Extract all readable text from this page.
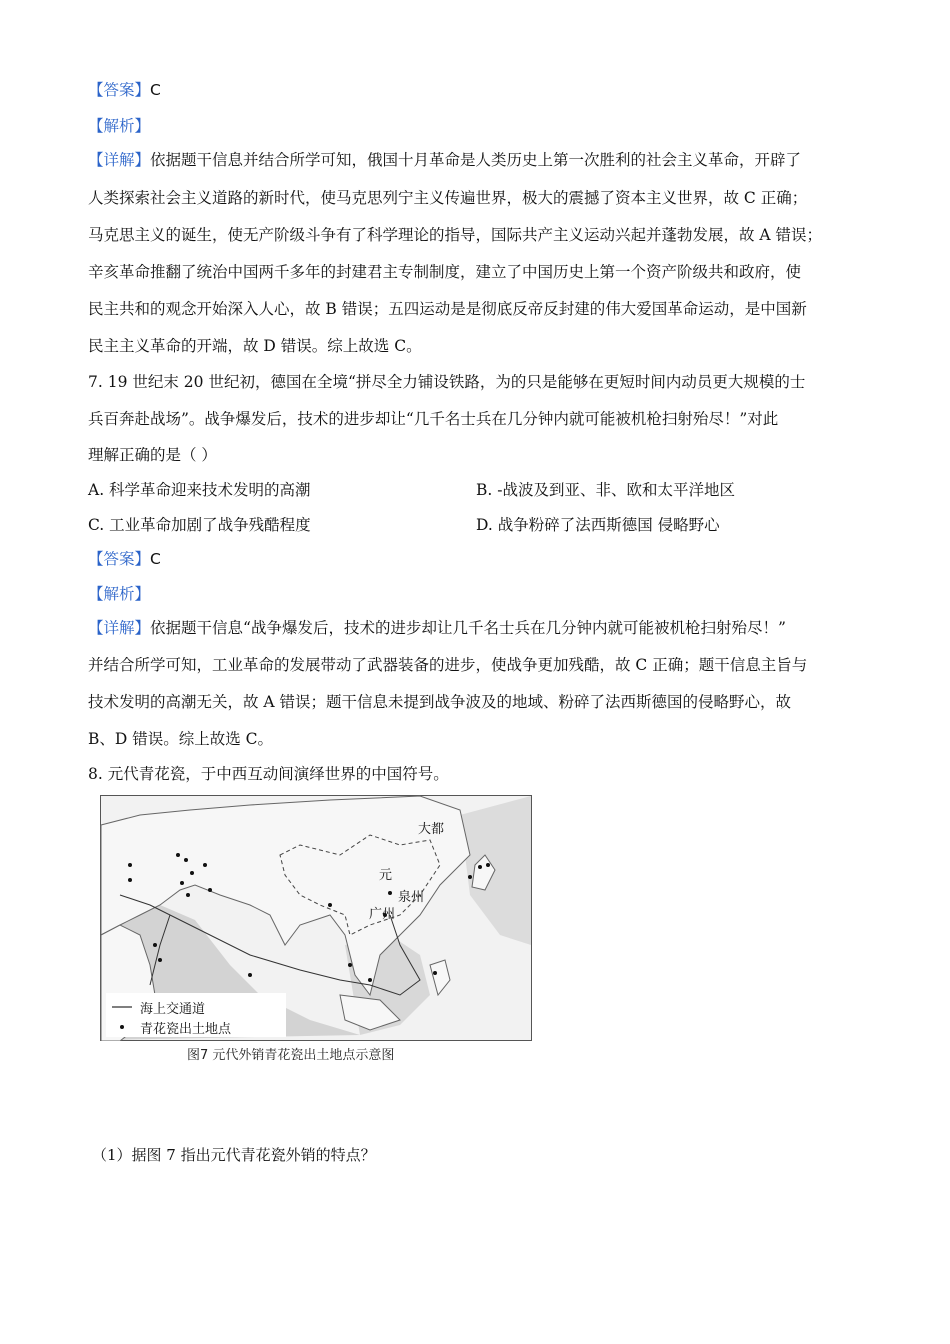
【答案】C
【解析】
【详解】依据题干信息并结合所学可知，俄国十月革命是人类历史上第一次胜利的社会主义革命，开辟了
人类探索社会主义道路的新时代，使马克思列宁主义传遍世界，极大的震撼了资本主义世界，故 C 正确；
马克思主义的诞生，使无产阶级斗争有了科学理论的指导，国际共产主义运动兴起并蓬勃发展，故 A 错误；
辛亥革命推翻了统治中国两千多年的封建君主专制制度，建立了中国历史上第一个资产阶级共和政府，使
民主共和的观念开始深入人心，故 B 错误；五四运动是是彻底反帝反封建的伟大爱国革命运动，是中国新
民主主义革命的开端，故 D 错误。综上故选 C。
7. 19 世纪末 20 世纪初，德国在全境“拼尽全力铺设铁路，为的只是能够在更短时间内动员更大规模的士
兵百奔赴战场”。战争爆发后，技术的进步却让“几千名士兵在几分钟内就可能被机枪扫射殆尽！”对此
理解正确的是（ ）
A. 科学革命迎来技术发明的高潮	B. -战波及到亚、非、欧和太平洋地区
C. 工业革命加剧了战争残酷程度	D. 战争粉碎了法西斯德国 侵略野心
【答案】C
【解析】
【详解】依据题干信息“战争爆发后，技术的进步却让几千名士兵在几分钟内就可能被机枪扫射殆尽！”
并结合所学可知，工业革命的发展带动了武器装备的进步，使战争更加残酷，故 C 正确；题干信息主旨与
技术发明的高潮无关，故 A 错误；题干信息未提到战争波及的地域、粉碎了法西斯德国的侵略野心，故
B、D 错误。综上故选 C。
8. 元代青花瓷，于中西互动间演绎世界的中国符号。
大都
元
泉州
广州
海上交通道
青花瓷出土地点
图7 元代外销青花瓷出土地点示意图
（1）据图 7 指出元代青花瓷外销的特点？
